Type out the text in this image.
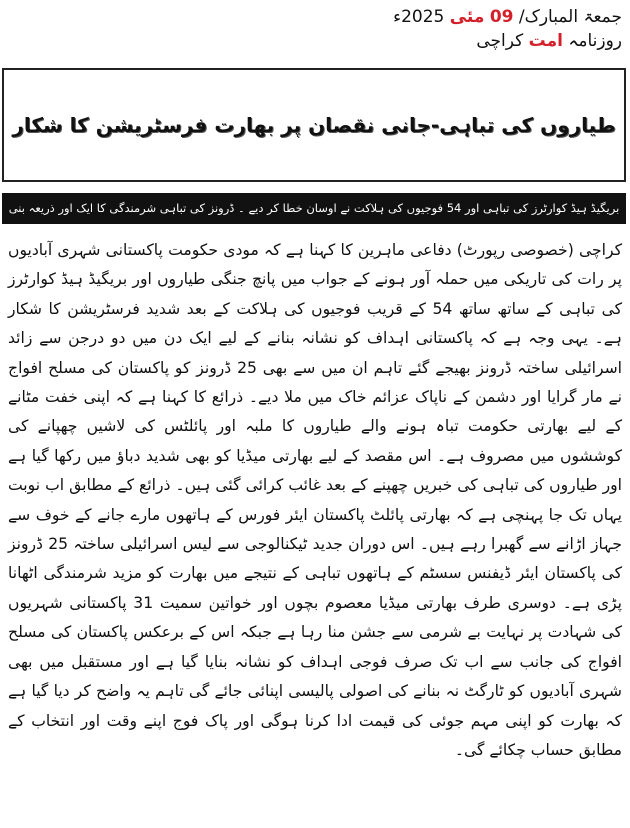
جمعۃ المبارک/ 09 مئی 2025ء
روزنامہ امت کراچی
طیاروں کی تباہی-جانی نقصان پر بھارت فرسٹریشن کا شکار
بریگیڈ ہیڈ کوارٹرز کی تباہی اور 54 فوجیوں کی ہلاکت نے اوسان خطا کر دیے ۔ ڈرونز کی تباہی شرمندگی کا ایک اور ذریعہ بنی
کراچی (خصوصی رپورٹ) دفاعی ماہرین کا کہنا ہے کہ مودی حکومت پاکستانی شہری آبادیوں پر رات کی تاریکی میں حملہ آور ہونے کے جواب میں پانچ جنگی طیاروں اور بریگیڈ ہیڈ کوارٹرز کی تباہی کے ساتھ ساتھ 54 کے قریب فوجیوں کی ہلاکت کے بعد شدید فرسٹریشن کا شکار ہے۔ یہی وجہ ہے کہ پاکستانی اہداف کو نشانہ بنانے کے لیے ایک دن میں دو درجن سے زائد اسرائیلی ساختہ ڈرونز بھیجے گئے تاہم ان میں سے بھی 25 ڈرونز کو پاکستان کی مسلح افواج نے مار گرایا اور دشمن کے ناپاک عزائم خاک میں ملا دیے۔ ذرائع کا کہنا ہے کہ اپنی خفت مٹانے کے لیے بھارتی حکومت تباہ ہونے والے طیاروں کا ملبہ اور پائلٹس کی لاشیں چھپانے کی کوششوں میں مصروف ہے۔ اس مقصد کے لیے بھارتی میڈیا کو بھی شدید دباؤ میں رکھا گیا ہے اور طیاروں کی تباہی کی خبریں چھپنے کے بعد غائب کرائی گئی ہیں۔ ذرائع کے مطابق اب نوبت یہاں تک جا پہنچی ہے کہ بھارتی پائلٹ پاکستان ایئر فورس کے ہاتھوں مارے جانے کے خوف سے جہاز اڑانے سے گھبرا رہے ہیں۔ اس دوران جدید ٹیکنالوجی سے لیس اسرائیلی ساختہ 25 ڈرونز کی پاکستان ایئر ڈیفنس سسٹم کے ہاتھوں تباہی کے نتیجے میں بھارت کو مزید شرمندگی اٹھانا پڑی ہے۔ دوسری طرف بھارتی میڈیا معصوم بچوں اور خواتین سمیت 31 پاکستانی شہریوں کی شہادت پر نہایت بے شرمی سے جشن منا رہا ہے جبکہ اس کے برعکس پاکستان کی مسلح افواج کی جانب سے اب تک صرف فوجی اہداف کو نشانہ بنایا گیا ہے اور مستقبل میں بھی شہری آبادیوں کو ٹارگٹ نہ بنانے کی اصولی پالیسی اپنائی جائے گی تاہم یہ واضح کر دیا گیا ہے کہ بھارت کو اپنی مہم جوئی کی قیمت ادا کرنا ہوگی اور پاک فوج اپنے وقت اور انتخاب کے مطابق حساب چکائے گی۔
